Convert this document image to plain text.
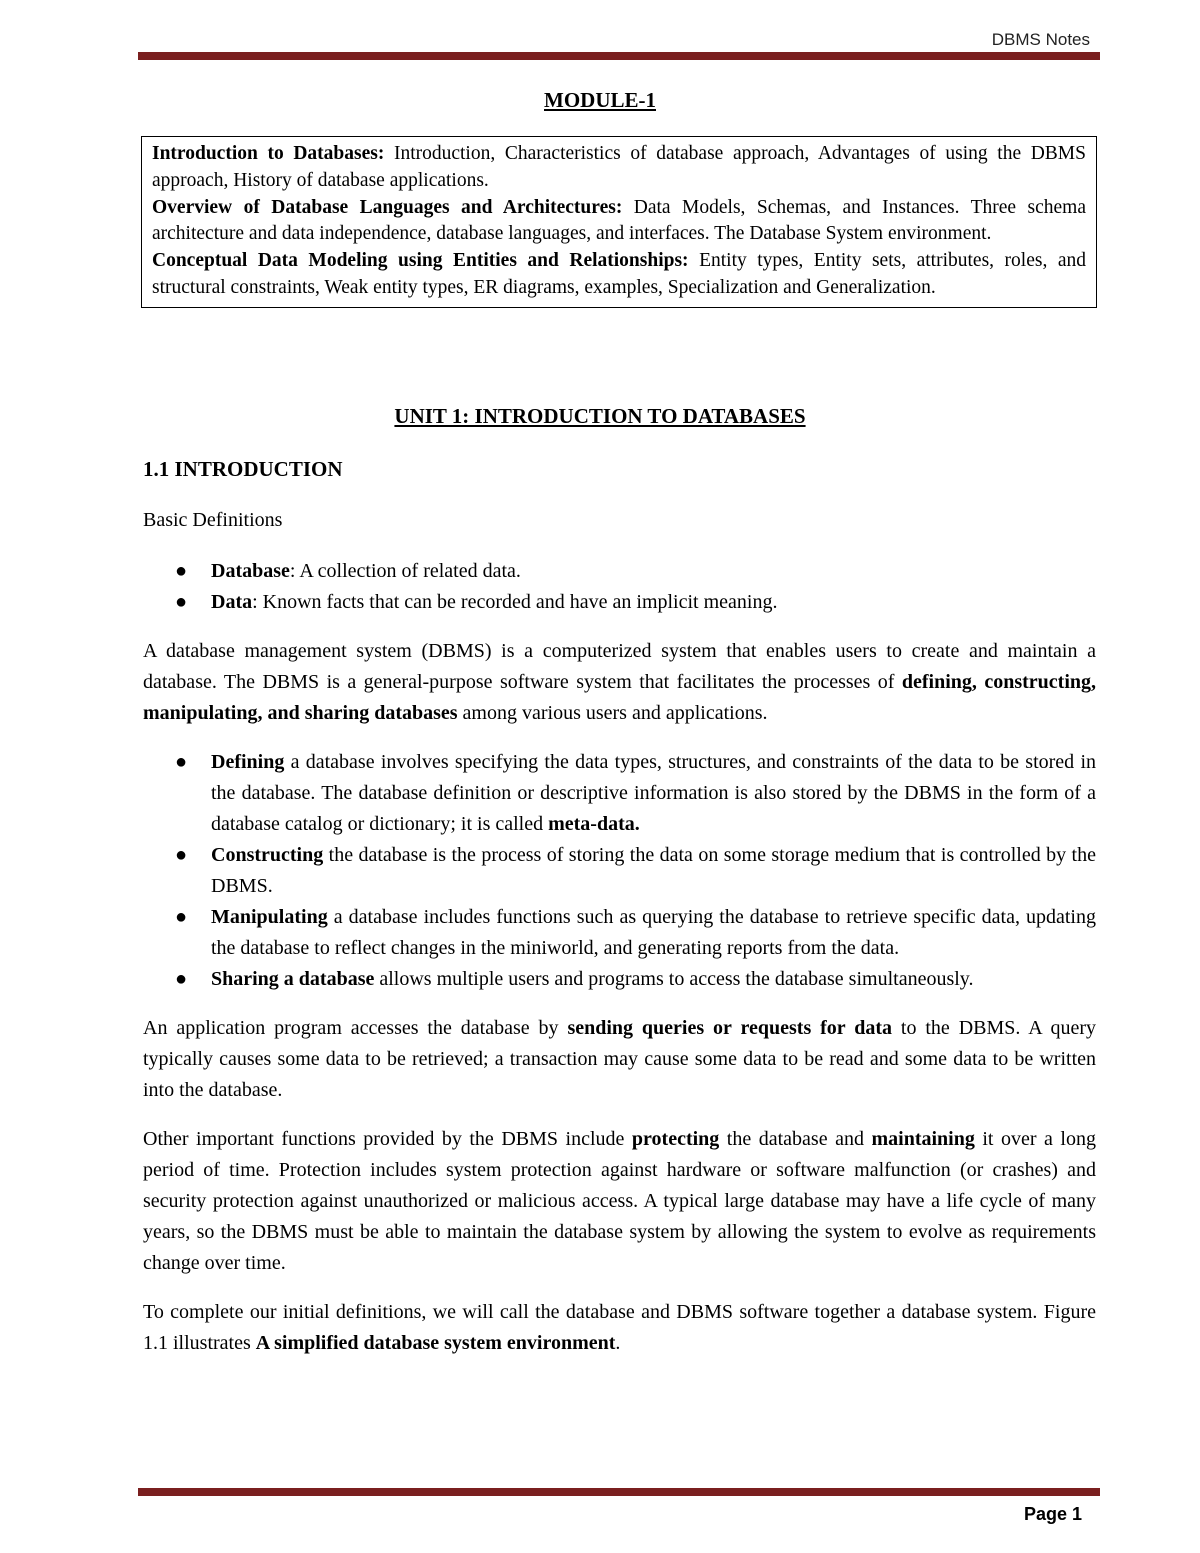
DBMS Notes
MODULE-1

Introduction to Databases: Introduction, Characteristics of database approach, Advantages of using the DBMS approach, History of database applications.

Overview of Database Languages and Architectures: Data Models, Schemas, and Instances. Three schema architecture and data independence, database languages, and interfaces. The Database System environment.

Conceptual Data Modeling using Entities and Relationships: Entity types, Entity sets, attributes, roles, and structural constraints, Weak entity types, ER diagrams, examples, Specialization and Generalization.

UNIT 1: INTRODUCTION TO DATABASES

1.1 INTRODUCTION

Basic Definitions

● Database: A collection of related data.
● Data: Known facts that can be recorded and have an implicit meaning.

A database management system (DBMS) is a computerized system that enables users to create and maintain a database. The DBMS is a general-purpose software system that facilitates the processes of defining, constructing, manipulating, and sharing databases among various users and applications.

● Defining a database involves specifying the data types, structures, and constraints of the data to be stored in the database. The database definition or descriptive information is also stored by the DBMS in the form of a database catalog or dictionary; it is called meta-data.
● Constructing the database is the process of storing the data on some storage medium that is controlled by the DBMS.
● Manipulating a database includes functions such as querying the database to retrieve specific data, updating the database to reflect changes in the miniworld, and generating reports from the data.
● Sharing a database allows multiple users and programs to access the database simultaneously.

An application program accesses the database by sending queries or requests for data to the DBMS. A query typically causes some data to be retrieved; a transaction may cause some data to be read and some data to be written into the database.

Other important functions provided by the DBMS include protecting the database and maintaining it over a long period of time. Protection includes system protection against hardware or software malfunction (or crashes) and security protection against unauthorized or malicious access. A typical large database may have a life cycle of many years, so the DBMS must be able to maintain the database system by allowing the system to evolve as requirements change over time.

To complete our initial definitions, we will call the database and DBMS software together a database system. Figure 1.1 illustrates A simplified database system environment.

Page 1
